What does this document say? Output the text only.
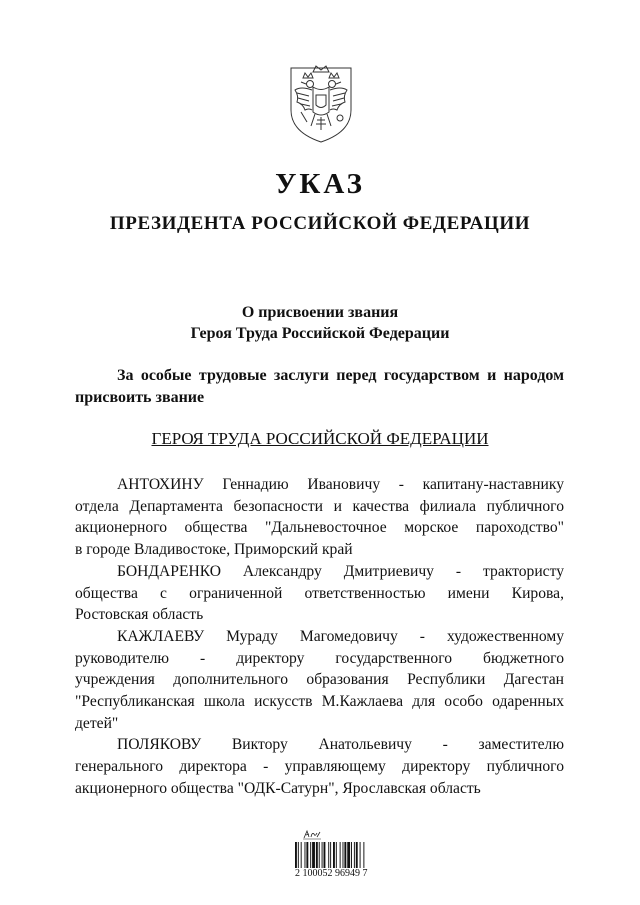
УКАЗ
ПРЕЗИДЕНТА РОССИЙСКОЙ ФЕДЕРАЦИИ
О присвоении звания
Героя Труда Российской Федерации
За особые трудовые заслуги перед государством и народом
присвоить звание
ГЕРОЯ ТРУДА РОССИЙСКОЙ ФЕДЕРАЦИИ
АНТОХИНУ Геннадию Ивановичу - капитану-наставнику
отдела Департамента безопасности и качества филиала публичного
акционерного общества "Дальневосточное морское пароходство"
в городе Владивостоке, Приморский край
БОНДАРЕНКО Александру Дмитриевичу - трактористу
общества с ограниченной ответственностью имени Кирова,
Ростовская область
КАЖЛАЕВУ Мураду Магомедовичу - художественному
руководителю - директору государственного бюджетного
учреждения дополнительного образования Республики Дагестан
"Республиканская школа искусств М.Кажлаева для особо одаренных
детей"
ПОЛЯКОВУ Виктору Анатольевичу - заместителю
генерального директора - управляющему директору публичного
акционерного общества "ОДК-Сатурн", Ярославская область
2 100052 96949 7
